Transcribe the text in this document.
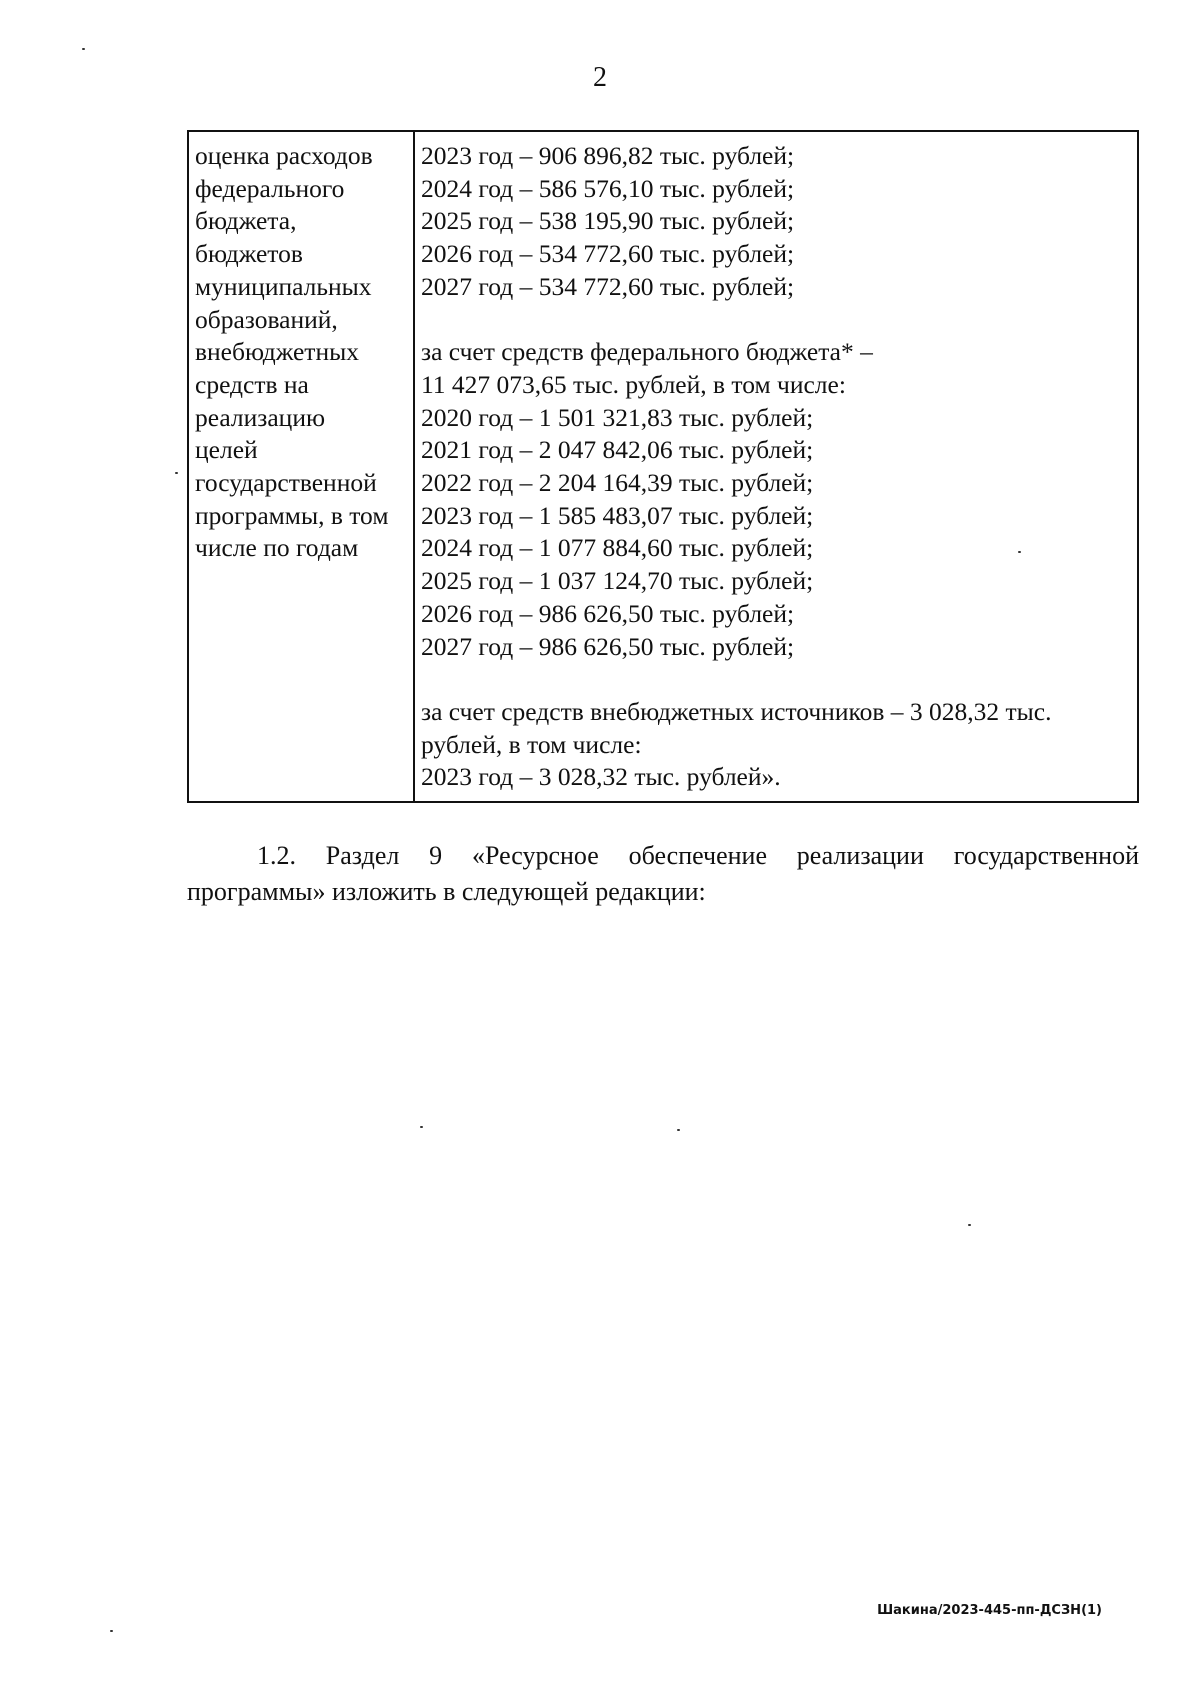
2
оценка расходов
федерального
бюджета,
бюджетов
муниципальных
образований,
внебюджетных
средств на
реализацию
целей
государственной
программы, в том
числе по годам
2023 год – 906 896,82 тыс. рублей;
2024 год – 586 576,10 тыс. рублей;
2025 год – 538 195,90 тыс. рублей;
2026 год – 534 772,60 тыс. рублей;
2027 год – 534 772,60 тыс. рублей;
за счет средств федерального бюджета* –
11 427 073,65 тыс. рублей, в том числе:
2020 год – 1 501 321,83 тыс. рублей;
2021 год – 2 047 842,06 тыс. рублей;
2022 год – 2 204 164,39 тыс. рублей;
2023 год – 1 585 483,07 тыс. рублей;
2024 год – 1 077 884,60 тыс. рублей;
2025 год – 1 037 124,70 тыс. рублей;
2026 год – 986 626,50 тыс. рублей;
2027 год – 986 626,50 тыс. рублей;
за счет средств внебюджетных источников – 3 028,32 тыс.
рублей, в том числе:
2023 год – 3 028,32 тыс. рублей».
1.2. Раздел 9 «Ресурсное обеспечение реализации государственной программы» изложить в следующей редакции:
Шакина/2023-445-пп-ДСЗН(1)
